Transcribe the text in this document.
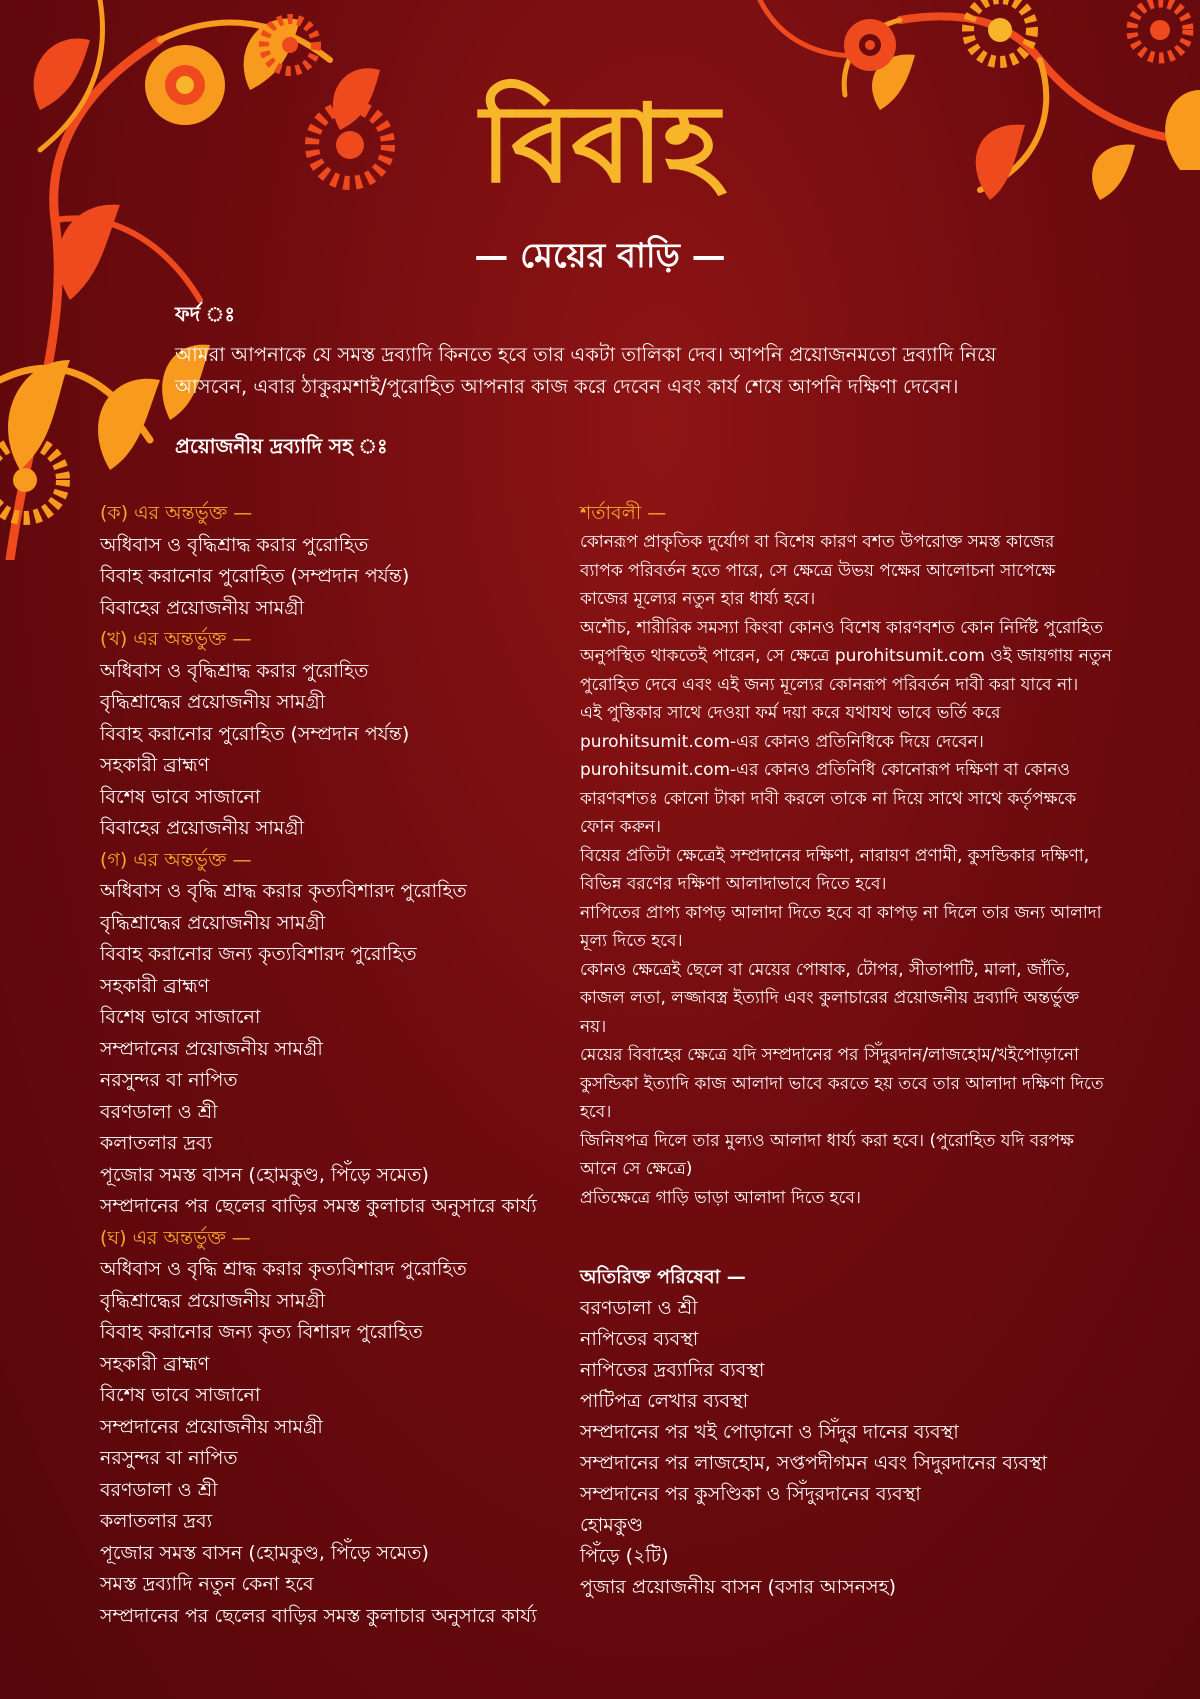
বিবাহ
— মেয়ের বাড়ি —
ফর্দ ঃ

আমরা আপনাকে যে সমস্ত দ্রব্যাদি কিনতে হবে তার একটা তালিকা দেব। আপনি প্রয়োজনমতো দ্রব্যাদি নিয়ে
আসবেন, এবার ঠাকুরমশাই/পুরোহিত আপনার কাজ করে দেবেন এবং কার্য শেষে আপনি দক্ষিণা দেবেন।

প্রয়োজনীয় দ্রব্যাদি সহ ঃ
(ক) এর অন্তর্ভুক্ত —
অধিবাস ও বৃদ্ধিশ্রাদ্ধ করার পুরোহিত
বিবাহ করানোর পুরোহিত (সম্প্রদান পর্যন্ত)
বিবাহের প্রয়োজনীয় সামগ্রী
(খ) এর অন্তর্ভুক্ত —
অধিবাস ও বৃদ্ধিশ্রাদ্ধ করার পুরোহিত
বৃদ্ধিশ্রাদ্ধের প্রয়োজনীয় সামগ্রী
বিবাহ করানোর পুরোহিত (সম্প্রদান পর্যন্ত)
সহকারী ব্রাহ্মণ
বিশেষ ভাবে সাজানো
বিবাহের প্রয়োজনীয় সামগ্রী
(গ) এর অন্তর্ভুক্ত —
অধিবাস ও বৃদ্ধি শ্রাদ্ধ করার কৃত্যবিশারদ পুরোহিত
বৃদ্ধিশ্রাদ্ধের প্রয়োজনীয় সামগ্রী
বিবাহ করানোর জন্য কৃত্যবিশারদ পুরোহিত
সহকারী ব্রাহ্মণ
বিশেষ ভাবে সাজানো
সম্প্রদানের প্রয়োজনীয় সামগ্রী
নরসুন্দর বা নাপিত
বরণডালা ও শ্রী
কলাতলার দ্রব্য
পূজোর সমস্ত বাসন (হোমকুণ্ড, পিঁড়ে সমেত)
সম্প্রদানের পর ছেলের বাড়ির সমস্ত কুলাচার অনুসারে কার্য্য
(ঘ) এর অন্তর্ভুক্ত —
অধিবাস ও বৃদ্ধি শ্রাদ্ধ করার কৃত্যবিশারদ পুরোহিত
বৃদ্ধিশ্রাদ্ধের প্রয়োজনীয় সামগ্রী
বিবাহ করানোর জন্য কৃত্য বিশারদ পুরোহিত
সহকারী ব্রাহ্মণ
বিশেষ ভাবে সাজানো
সম্প্রদানের প্রয়োজনীয় সামগ্রী
নরসুন্দর বা নাপিত
বরণডালা ও শ্রী
কলাতলার দ্রব্য
পূজোর সমস্ত বাসন (হোমকুণ্ড, পিঁড়ে সমেত)
সমস্ত দ্রব্যাদি নতুন কেনা হবে
সম্প্রদানের পর ছেলের বাড়ির সমস্ত কুলাচার অনুসারে কার্য্য
শর্তাবলী —
কোনরূপ প্রাকৃতিক দুর্যোগ বা বিশেষ কারণ বশত উপরোক্ত সমস্ত কাজের
ব্যাপক পরিবর্তন হতে পারে, সে ক্ষেত্রে উভয় পক্ষের আলোচনা সাপেক্ষে
কাজের মূল্যের নতুন হার ধার্য্য হবে।
অশৌচ, শারীরিক সমস্যা কিংবা কোনও বিশেষ কারণবশত কোন নির্দিষ্ট পুরোহিত
অনুপস্থিত থাকতেই পারেন, সে ক্ষেত্রে purohitsumit.com ওই জায়গায় নতুন
পুরোহিত দেবে এবং এই জন্য মূল্যের কোনরূপ পরিবর্তন দাবী করা যাবে না।
এই পুস্তিকার সাথে দেওয়া ফর্ম দয়া করে যথাযথ ভাবে ভর্তি করে
purohitsumit.com-এর কোনও প্রতিনিধিকে দিয়ে দেবেন।
purohitsumit.com-এর কোনও প্রতিনিধি কোনোরূপ দক্ষিণা বা কোনও
কারণবশতঃ কোনো টাকা দাবী করলে তাকে না দিয়ে সাথে সাথে কর্তৃপক্ষকে
ফোন করুন।
বিয়ের প্রতিটা ক্ষেত্রেই সম্প্রদানের দক্ষিণা, নারায়ণ প্রণামী, কুসন্ডিকার দক্ষিণা,
বিভিন্ন বরণের দক্ষিণা আলাদাভাবে দিতে হবে।
নাপিতের প্রাপ্য কাপড় আলাদা দিতে হবে বা কাপড় না দিলে তার জন্য আলাদা
মূল্য দিতে হবে।
কোনও ক্ষেত্রেই ছেলে বা মেয়ের পোষাক, টোপর, সীতাপাটি, মালা, জাঁতি,
কাজল লতা, লজ্জাবস্ত্র ইত্যাদি এবং কুলাচারের প্রয়োজনীয় দ্রব্যাদি অন্তর্ভুক্ত
নয়।
মেয়ের বিবাহের ক্ষেত্রে যদি সম্প্রদানের পর সিঁদুরদান/লাজহোম/খইপোড়ানো
কুসন্ডিকা ইত্যাদি কাজ আলাদা ভাবে করতে হয় তবে তার আলাদা দক্ষিণা দিতে
হবে।
জিনিষপত্র দিলে তার মুল্যও আলাদা ধার্য্য করা হবে। (পুরোহিত যদি বরপক্ষ
আনে সে ক্ষেত্রে)
প্রতিক্ষেত্রে গাড়ি ভাড়া আলাদা দিতে হবে।
অতিরিক্ত পরিষেবা —
বরণডালা ও শ্রী
নাপিতের ব্যবস্থা
নাপিতের দ্রব্যাদির ব্যবস্থা
পাটিপত্র লেখার ব্যবস্থা
সম্প্রদানের পর খই পোড়ানো ও সিঁদুর দানের ব্যবস্থা
সম্প্রদানের পর লাজহোম, সপ্তপদীগমন এবং সিদুরদানের ব্যবস্থা
সম্প্রদানের পর কুসণ্ডিকা ও সিঁদুরদানের ব্যবস্থা
হোমকুণ্ড
পিঁড়ে (২টি)
পুজার প্রয়োজনীয় বাসন (বসার আসনসহ)
